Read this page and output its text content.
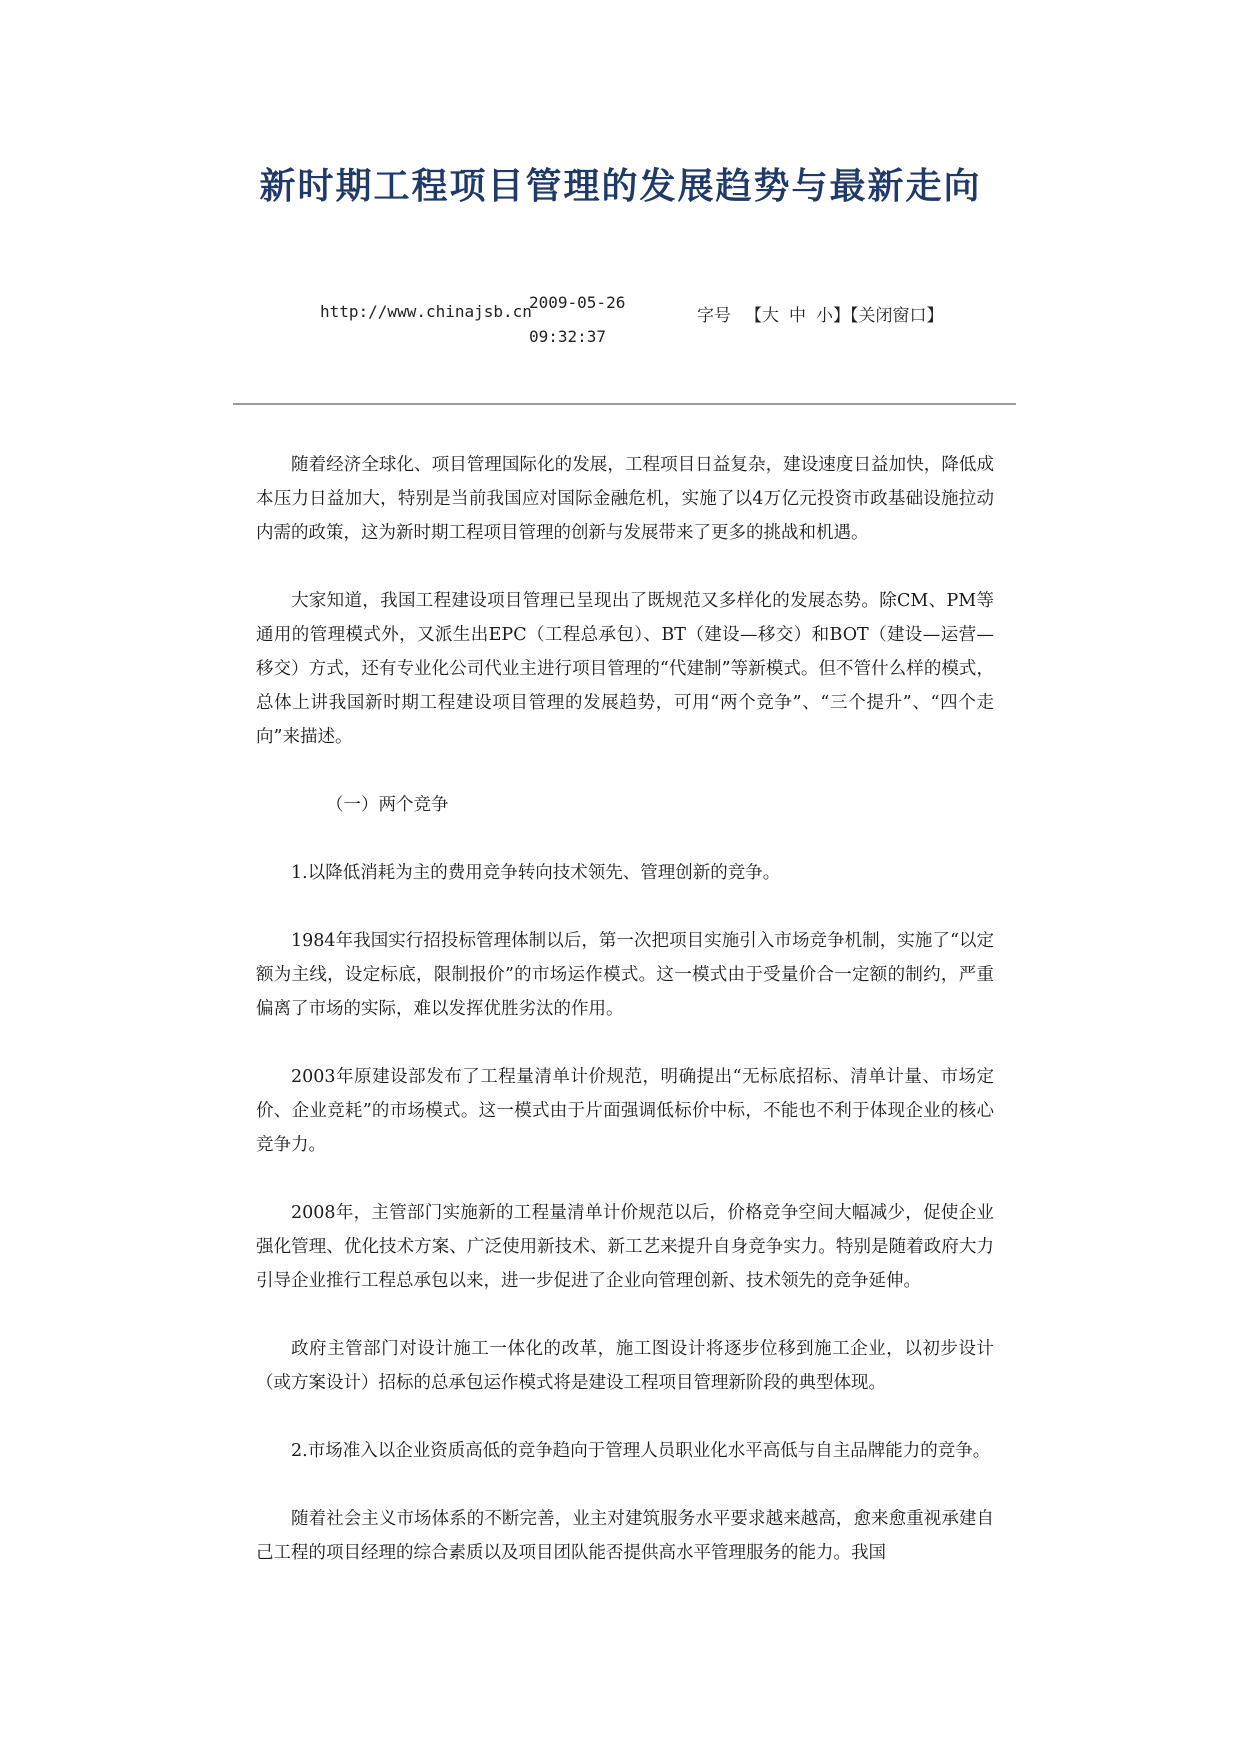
新时期工程项目管理的发展趋势与最新走向
http://www.chinajsb.cn
2009-05-26
09:32:37
字号 【大 中 小】【关闭窗口】

随着经济全球化、项目管理国际化的发展，工程项目日益复杂，建设速度日益加快，降低成本压力日益加大，特别是当前我国应对国际金融危机，实施了以4万亿元投资市政基础设施拉动内需的政策，这为新时期工程项目管理的创新与发展带来了更多的挑战和机遇。

大家知道，我国工程建设项目管理已呈现出了既规范又多样化的发展态势。除CM、PM等通用的管理模式外，又派生出EPC（工程总承包）、BT（建设—移交）和BOT（建设—运营—移交）方式，还有专业化公司代业主进行项目管理的“代建制”等新模式。但不管什么样的模式，总体上讲我国新时期工程建设项目管理的发展趋势，可用“两个竞争”、“三个提升”、“四个走向”来描述。

（一）两个竞争

1.以降低消耗为主的费用竞争转向技术领先、管理创新的竞争。

1984年我国实行招投标管理体制以后，第一次把项目实施引入市场竞争机制，实施了“以定额为主线，设定标底，限制报价”的市场运作模式。这一模式由于受量价合一定额的制约，严重偏离了市场的实际，难以发挥优胜劣汰的作用。

2003年原建设部发布了工程量清单计价规范，明确提出“无标底招标、清单计量、市场定价、企业竞耗”的市场模式。这一模式由于片面强调低标价中标，不能也不利于体现企业的核心竞争力。

2008年，主管部门实施新的工程量清单计价规范以后，价格竞争空间大幅减少，促使企业强化管理、优化技术方案、广泛使用新技术、新工艺来提升自身竞争实力。特别是随着政府大力引导企业推行工程总承包以来，进一步促进了企业向管理创新、技术领先的竞争延伸。

政府主管部门对设计施工一体化的改革，施工图设计将逐步位移到施工企业，以初步设计（或方案设计）招标的总承包运作模式将是建设工程项目管理新阶段的典型体现。

2.市场准入以企业资质高低的竞争趋向于管理人员职业化水平高低与自主品牌能力的竞争。

随着社会主义市场体系的不断完善，业主对建筑服务水平要求越来越高，愈来愈重视承建自己工程的项目经理的综合素质以及项目团队能否提供高水平管理服务的能力。我国
